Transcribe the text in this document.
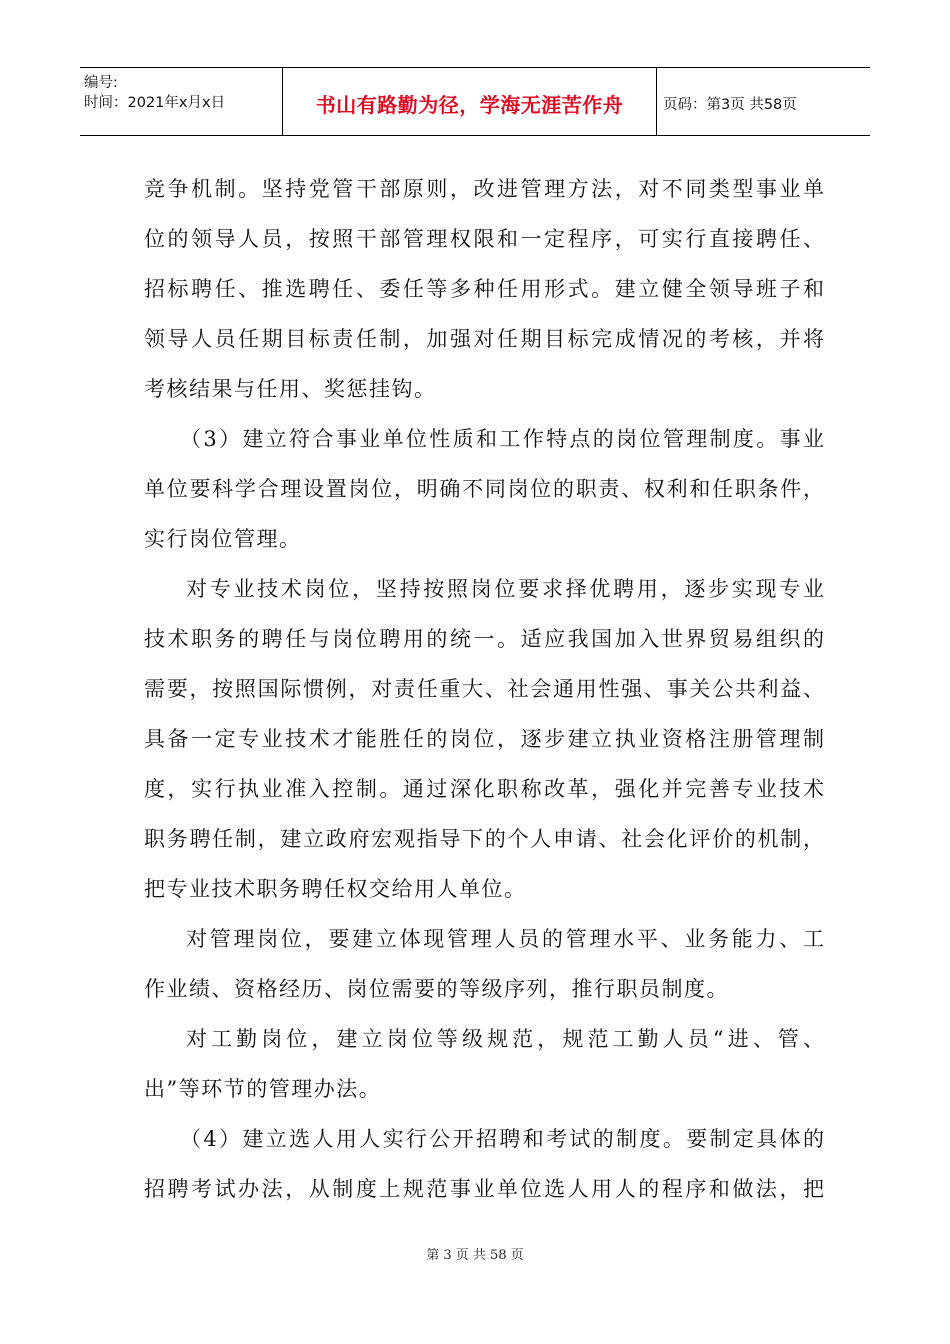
编号:
时间：2021年x月x日	书山有路勤为径，学海无涯苦作舟	页码：第3页 共58页
竞争机制。坚持党管干部原则，改进管理方法，对不同类型事业单
位的领导人员，按照干部管理权限和一定程序，可实行直接聘任、
招标聘任、推选聘任、委任等多种任用形式。建立健全领导班子和
领导人员任期目标责任制，加强对任期目标完成情况的考核，并将
考核结果与任用、奖惩挂钩。
（3）建立符合事业单位性质和工作特点的岗位管理制度。事业
单位要科学合理设置岗位，明确不同岗位的职责、权利和任职条件，
实行岗位管理。
对专业技术岗位，坚持按照岗位要求择优聘用，逐步实现专业
技术职务的聘任与岗位聘用的统一。适应我国加入世界贸易组织的
需要，按照国际惯例，对责任重大、社会通用性强、事关公共利益、
具备一定专业技术才能胜任的岗位，逐步建立执业资格注册管理制
度，实行执业准入控制。通过深化职称改革，强化并完善专业技术
职务聘任制，建立政府宏观指导下的个人申请、社会化评价的机制，
把专业技术职务聘任权交给用人单位。
对管理岗位，要建立体现管理人员的管理水平、业务能力、工
作业绩、资格经历、岗位需要的等级序列，推行职员制度。
对工勤岗位，建立岗位等级规范，规范工勤人员“进、管、
出”等环节的管理办法。
（4）建立选人用人实行公开招聘和考试的制度。要制定具体的
招聘考试办法，从制度上规范事业单位选人用人的程序和做法，把
第 3 页 共 58 页
